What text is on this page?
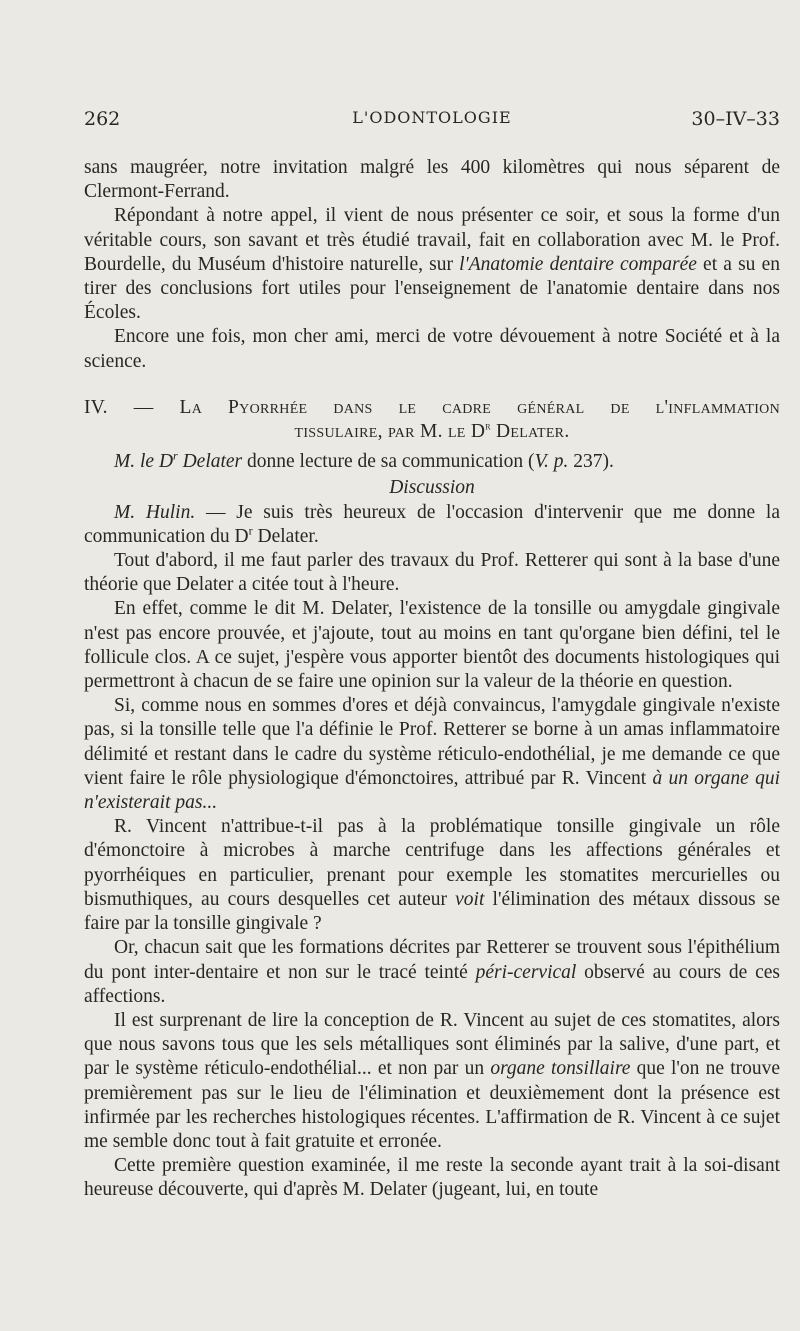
262	L'ODONTOLOGIE	30–IV–33

sans maugréer, notre invitation malgré les 400 kilomètres qui nous séparent de Clermont-Ferrand.

Répondant à notre appel, il vient de nous présenter ce soir, et sous la forme d'un véritable cours, son savant et très étudié travail, fait en collaboration avec M. le Prof. Bourdelle, du Muséum d'histoire naturelle, sur l'Anatomie dentaire comparée et a su en tirer des conclusions fort utiles pour l'enseignement de l'anatomie dentaire dans nos Écoles.

Encore une fois, mon cher ami, merci de votre dévouement à notre Société et à la science.

IV. — La Pyorrhée dans le cadre général de l'inflammation
tissulaire, par M. le $D^r$ Delater.

M. le $D^r$ Delater donne lecture de sa communication (V. p. 237).

Discussion

M. Hulin. — Je suis très heureux de l'occasion d'intervenir que me donne la communication du $D^r$ Delater.

Tout d'abord, il me faut parler des travaux du Prof. Retterer qui sont à la base d'une théorie que Delater a citée tout à l'heure.

En effet, comme le dit M. Delater, l'existence de la tonsille ou amygdale gingivale n'est pas encore prouvée, et j'ajoute, tout au moins en tant qu'organe bien défini, tel le follicule clos. A ce sujet, j'espère vous apporter bientôt des documents histologiques qui permettront à chacun de se faire une opinion sur la valeur de la théorie en question.

Si, comme nous en sommes d'ores et déjà convaincus, l'amygdale gingivale n'existe pas, si la tonsille telle que l'a définie le Prof. Retterer se borne à un amas inflammatoire délimité et restant dans le cadre du système réticulo-endothélial, je me demande ce que vient faire le rôle physiologique d'émonctoires, attribué par R. Vincent à un organe qui n'existerait pas...

R. Vincent n'attribue-t-il pas à la problématique tonsille gingivale un rôle d'émonctoire à microbes à marche centrifuge dans les affections générales et pyorrhéiques en particulier, prenant pour exemple les stomatites mercurielles ou bismuthiques, au cours desquelles cet auteur voit l'élimination des métaux dissous se faire par la tonsille gingivale ?

Or, chacun sait que les formations décrites par Retterer se trouvent sous l'épithélium du pont inter-dentaire et non sur le tracé teinté péri-cervical observé au cours de ces affections.

Il est surprenant de lire la conception de R. Vincent au sujet de ces stomatites, alors que nous savons tous que les sels métalliques sont éliminés par la salive, d'une part, et par le système réticulo-endothélial... et non par un organe tonsillaire que l'on ne trouve premièrement pas sur le lieu de l'élimination et deuxièmement dont la présence est infirmée par les recherches histologiques récentes. L'affirmation de R. Vincent à ce sujet me semble donc tout à fait gratuite et erronée.

Cette première question examinée, il me reste la seconde ayant trait à la soi-disant heureuse découverte, qui d'après M. Delater (jugeant, lui, en toute
